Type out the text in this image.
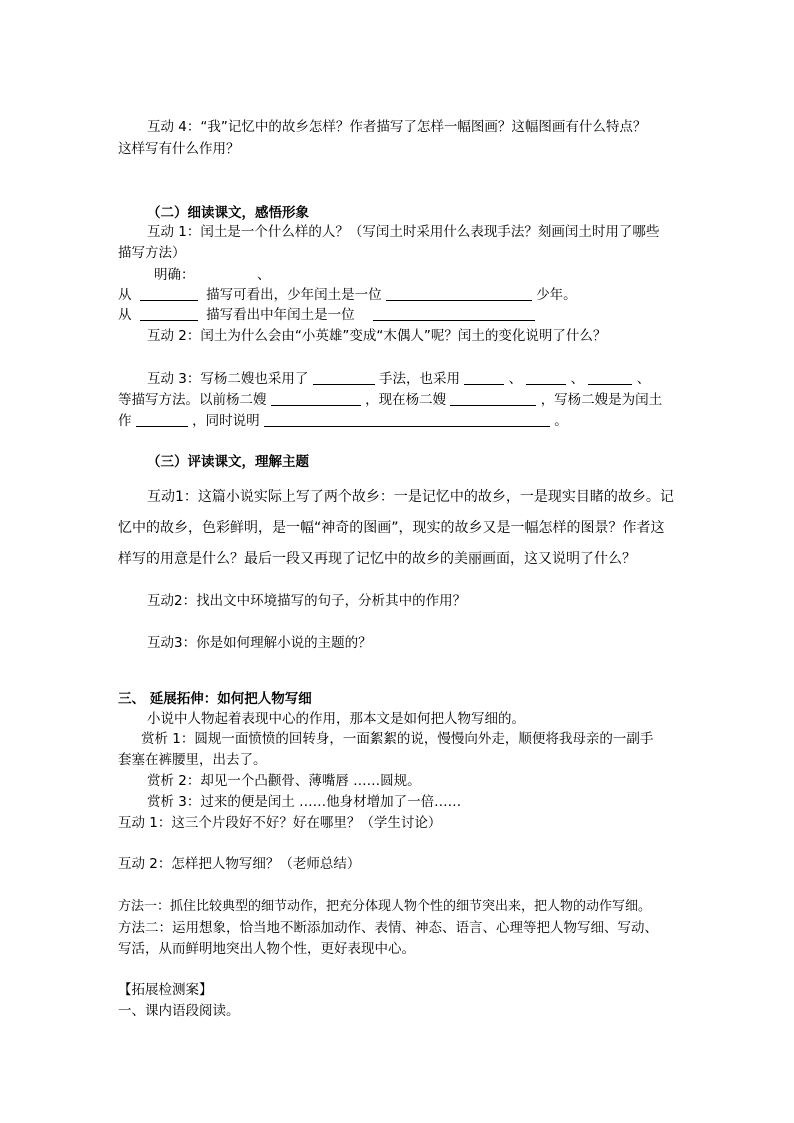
互动 4：“我”记忆中的故乡怎样？作者描写了怎样一幅图画？这幅图画有什么特点？
这样写有什么作用？
（二）细读课文，感悟形象
互动 1：闰土是一个什么样的人？（写闰土时采用什么表现手法？刻画闰土时用了哪些
描写方法）
明确：	、
从	描写可看出，少年闰土是一位	少年。
从	描写看出中年闰土是一位
互动 2：闰土为什么会由“小英雄”变成“木偶人”呢？闰土的变化说明了什么？
互动 3：写杨二嫂也采用了	手法，也采用	、	、	、
等描写方法。以前杨二嫂	，现在杨二嫂	，写杨二嫂是为闰土
作	，同时说明	。
（三）评读课文，理解主题
互动1：这篇小说实际上写了两个故乡：一是记忆中的故乡，一是现实目睹的故乡。记
忆中的故乡，色彩鲜明，是一幅“神奇的图画”，现实的故乡又是一幅怎样的图景？作者这
样写的用意是什么？最后一段又再现了记忆中的故乡的美丽画面，这又说明了什么？
互动2：找出文中环境描写的句子，分析其中的作用？
互动3：你是如何理解小说的主题的？
三、 延展拓伸：如何把人物写细
小说中人物起着表现中心的作用，那本文是如何把人物写细的。
赏析 1：圆规一面愤愤的回转身，一面絮絮的说，慢慢向外走，顺便将我母亲的一副手
套塞在裤腰里，出去了。
赏析 2：却见一个凸颧骨、薄嘴唇 ……圆规。
赏析 3：过来的便是闰土 ……他身材增加了一倍……
互动 1：这三个片段好不好？好在哪里？（学生讨论）
互动 2：怎样把人物写细？（老师总结）
方法一：抓住比较典型的细节动作，把充分体现人物个性的细节突出来，把人物的动作写细。
方法二：运用想象，恰当地不断添加动作、表情、神态、语言、心理等把人物写细、写动、
写活，从而鲜明地突出人物个性，更好表现中心。
【拓展检测案】
一、课内语段阅读。
